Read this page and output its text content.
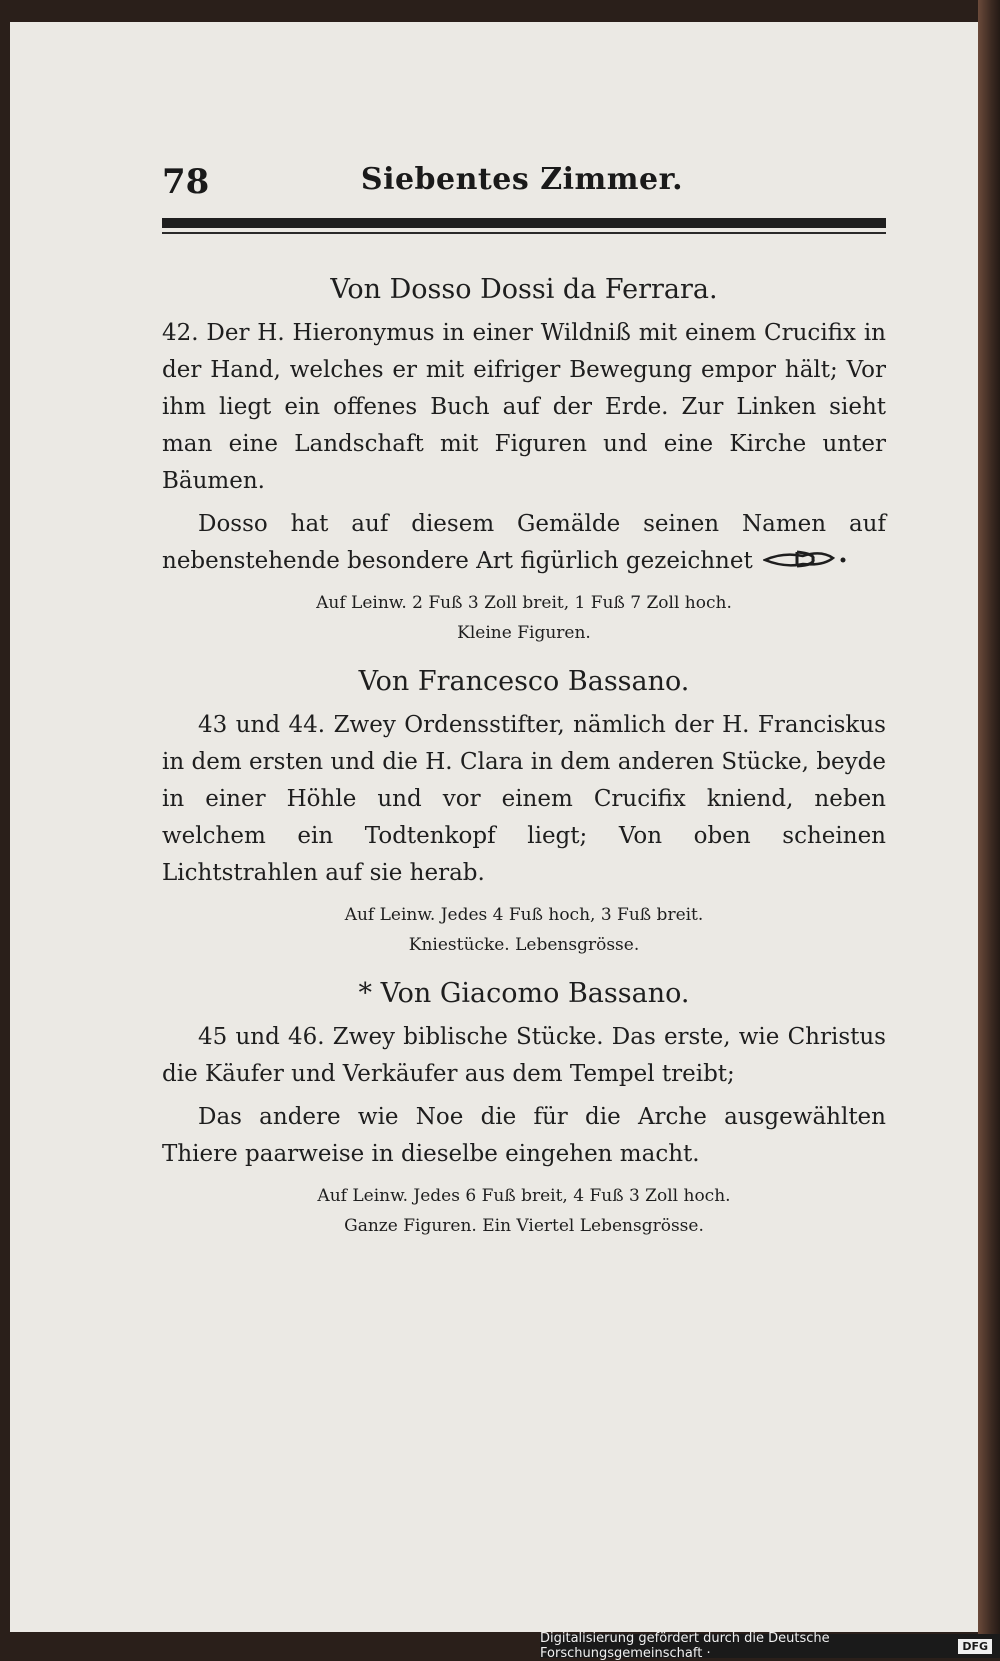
78	Siebentes Zimmer.
Von Dosso Dossi da Ferrara.

42. Der H. Hieronymus in einer Wildniß mit einem Crucifix in der Hand, welches er mit eifriger Bewegung empor hält; Vor ihm liegt ein offenes Buch auf der Erde. Zur Linken sieht man eine Landschaft mit Figuren und eine Kirche unter Bäumen.

Dosso hat auf diesem Gemälde seinen Namen auf nebenstehende besondere Art figürlich gezeichnet

Auf Leinw. 2 Fuß 3 Zoll breit, 1 Fuß 7 Zoll hoch.

Kleine Figuren.

Von Francesco Bassano.

43 und 44. Zwey Ordensstifter, nämlich der H. Franciskus in dem ersten und die H. Clara in dem anderen Stücke, beyde in einer Höhle und vor einem Crucifix kniend, neben welchem ein Todtenkopf liegt; Von oben scheinen Lichtstrahlen auf sie herab.

Auf Leinw. Jedes 4 Fuß hoch, 3 Fuß breit.

Kniestücke. Lebensgrösse.

* Von Giacomo Bassano.

45 und 46. Zwey biblische Stücke. Das erste, wie Christus die Käufer und Verkäufer aus dem Tempel treibt;

Das andere wie Noe die für die Arche ausgewählten Thiere paarweise in dieselbe eingehen macht.

Auf Leinw. Jedes 6 Fuß breit, 4 Fuß 3 Zoll hoch.

Ganze Figuren. Ein Viertel Lebensgrösse.

Digitalisierung gefördert durch die Deutsche Forschungsgemeinschaft ·	DFG
